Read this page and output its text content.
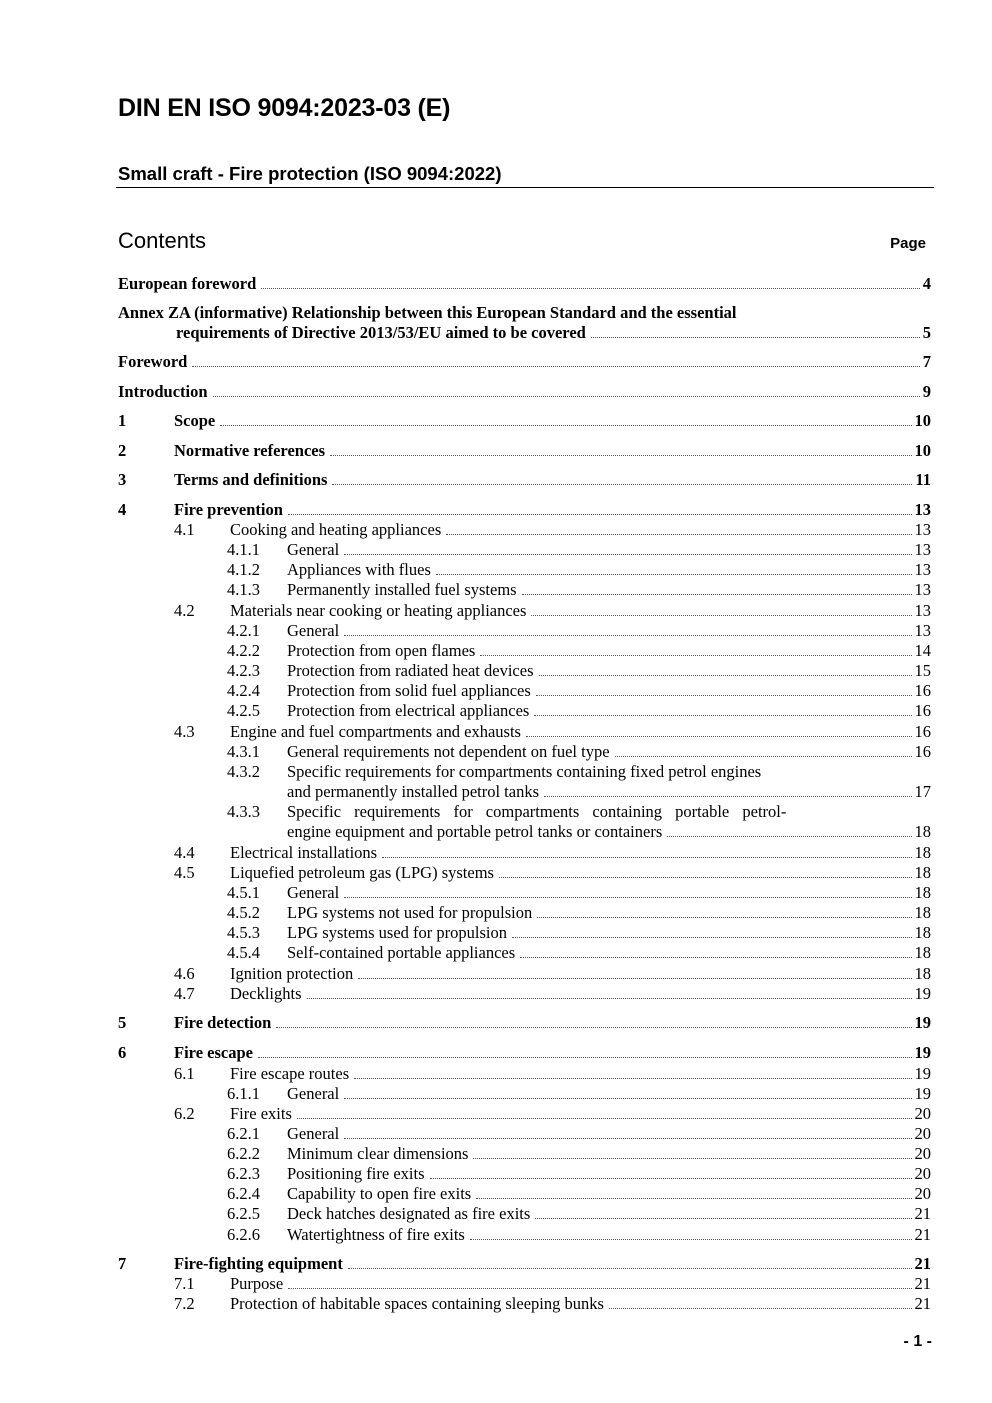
DIN EN ISO 9094:2023-03 (E)
Small craft - Fire protection (ISO 9094:2022)
Contents	Page
European foreword	4
Annex ZA (informative) Relationship between this European Standard and the essential
requirements of Directive 2013/53/EU aimed to be covered	5
Foreword	7
Introduction	9
1	Scope	10
2	Normative references	10
3	Terms and definitions	11
4	Fire prevention	13
4.1 Cooking and heating appliances	13
4.1.1 General	13
4.1.2 Appliances with flues	13
4.1.3 Permanently installed fuel systems	13
4.2 Materials near cooking or heating appliances	13
4.2.1 General	13
4.2.2 Protection from open flames	14
4.2.3 Protection from radiated heat devices	15
4.2.4 Protection from solid fuel appliances	16
4.2.5 Protection from electrical appliances	16
4.3 Engine and fuel compartments and exhausts	16
4.3.1 General requirements not dependent on fuel type	16
4.3.2 Specific requirements for compartments containing fixed petrol engines
and permanently installed petrol tanks	17
4.3.3 Specific requirements for compartments containing portable petrol-
engine equipment and portable petrol tanks or containers	18
4.4 Electrical installations	18
4.5 Liquefied petroleum gas (LPG) systems	18
4.5.1 General	18
4.5.2 LPG systems not used for propulsion	18
4.5.3 LPG systems used for propulsion	18
4.5.4 Self-contained portable appliances	18
4.6 Ignition protection	18
4.7 Decklights	19
5	Fire detection	19
6	Fire escape	19
6.1 Fire escape routes	19
6.1.1 General	19
6.2 Fire exits	20
6.2.1 General	20
6.2.2 Minimum clear dimensions	20
6.2.3 Positioning fire exits	20
6.2.4 Capability to open fire exits	20
6.2.5 Deck hatches designated as fire exits	21
6.2.6 Watertightness of fire exits	21
7	Fire-fighting equipment	21
7.1 Purpose	21
7.2 Protection of habitable spaces containing sleeping bunks	21
- 1 -
